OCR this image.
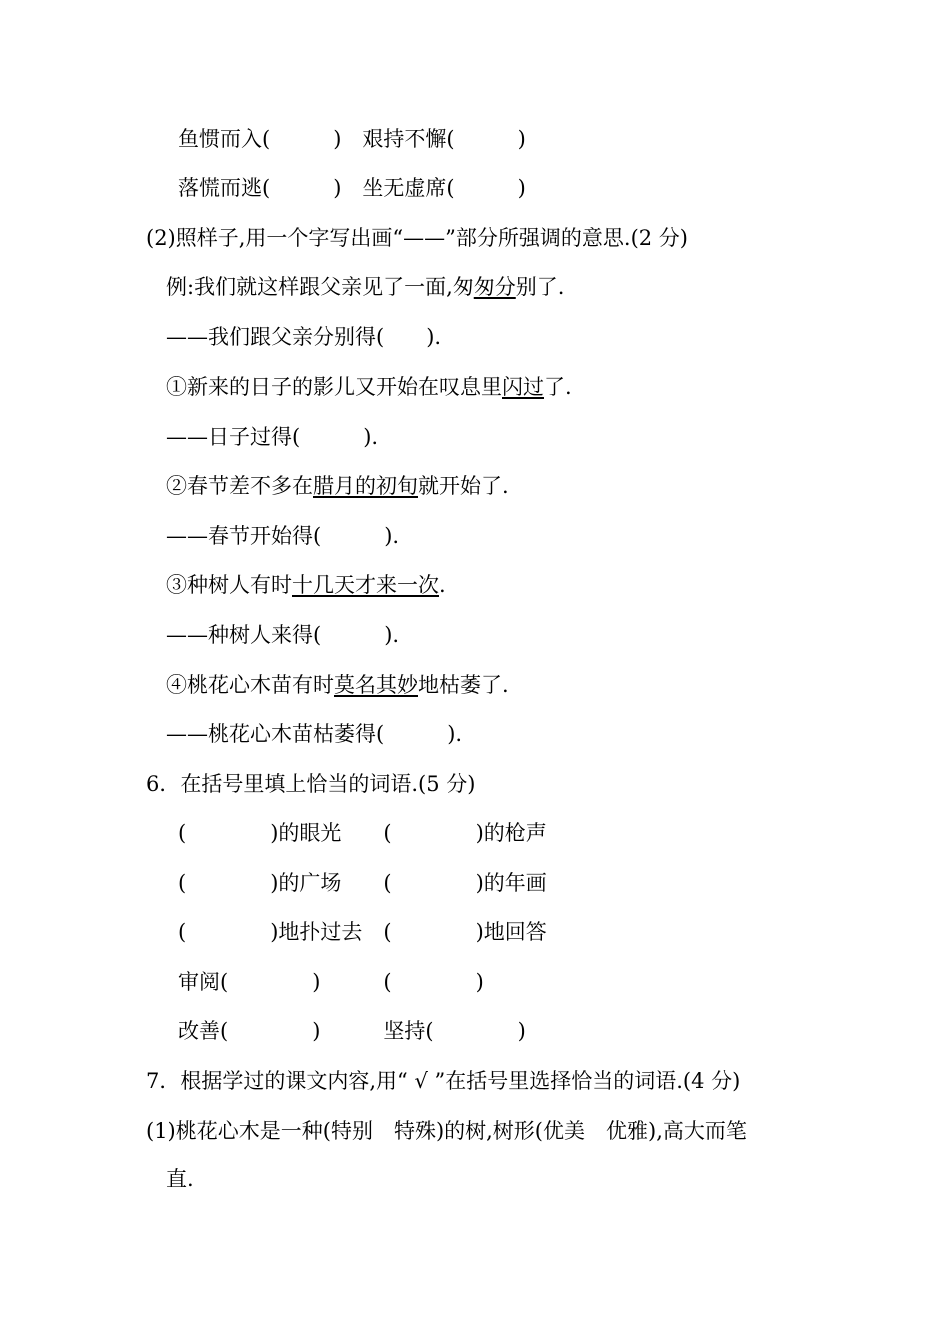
鱼惯而入(　　　)　艰持不懈(　　　)
落慌而逃(　　　)　坐无虚席(　　　)
(2)照样子,用一个字写出画“——”部分所强调的意思.(2 分)
例:我们就这样跟父亲见了一面,匆匆分别了.
——我们跟父亲分别得(　　).
①新来的日子的影儿又开始在叹息里闪过了.
——日子过得(　　　).
②春节差不多在腊月的初旬就开始了.
——春节开始得(　　　).
③种树人有时十几天才来一次.
——种树人来得(　　　).
④桃花心木苗有时莫名其妙地枯萎了.
——桃花心木苗枯萎得(　　　).
6．在括号里填上恰当的词语.(5 分)
(　　　　)的眼光　　(　　　　)的枪声
(　　　　)的广场　　(　　　　)的年画
(　　　　)地扑过去　(　　　　)地回答
审阅(　　　　)　　　(　　　　)
改善(　　　　)　　　坚持(　　　　)
7．根据学过的课文内容,用“ √ ”在括号里选择恰当的词语.(4 分)
(1)桃花心木是一种(特别　特殊)的树,树形(优美　优雅),高大而笔
直.
